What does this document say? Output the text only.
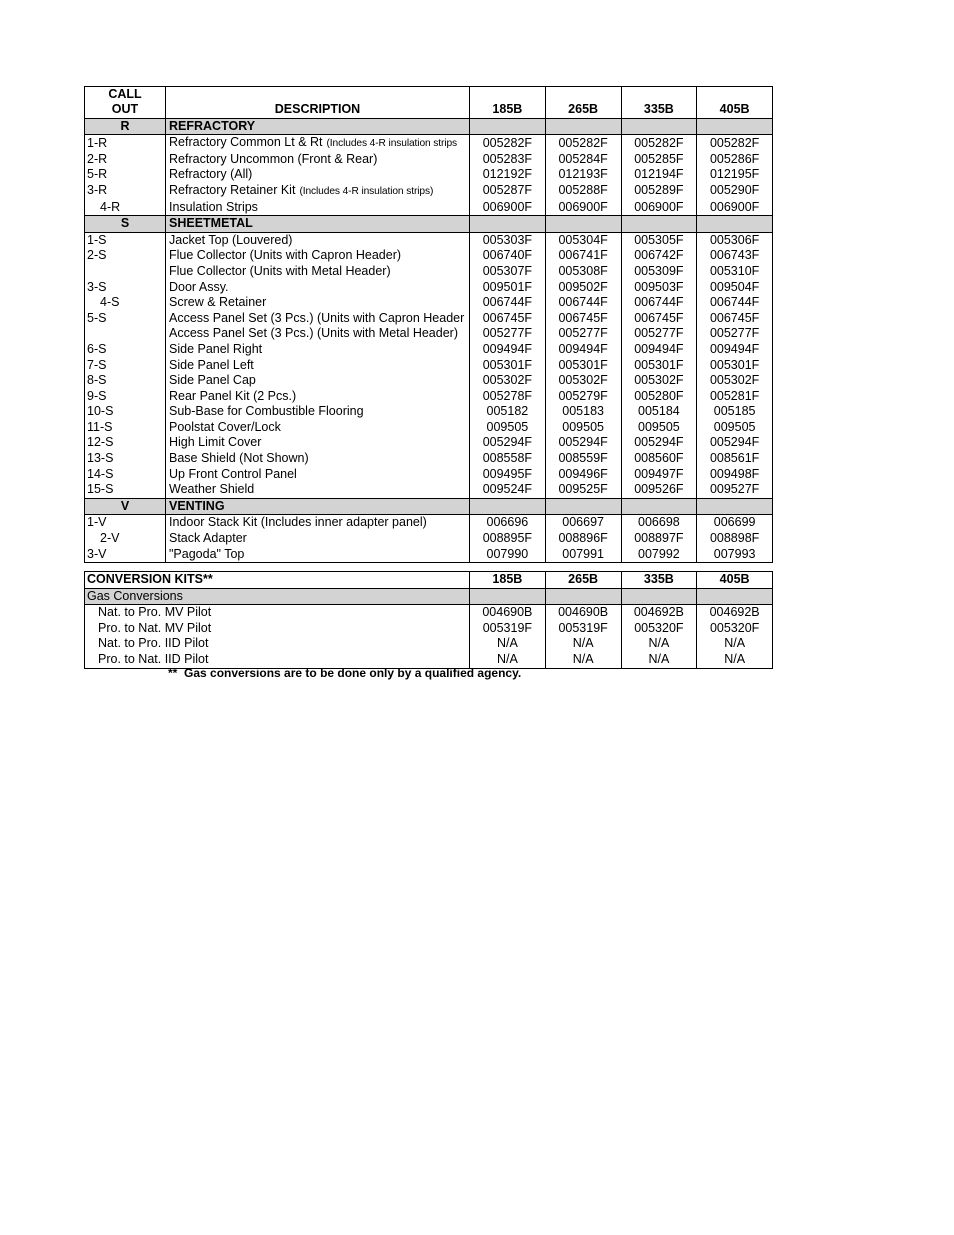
CALL					
OUT	DESCRIPTION	185B	265B	335B	405B
R	REFRACTORY				
1-R	Refractory Common Lt & Rt (Includes 4-R insulation strips	005282F	005282F	005282F	005282F
2-R	Refractory Uncommon (Front & Rear)	005283F	005284F	005285F	005286F
5-R	Refractory (All)	012192F	012193F	012194F	012195F
3-R	Refractory Retainer Kit (Includes 4-R insulation strips)	005287F	005288F	005289F	005290F
4-R	Insulation Strips	006900F	006900F	006900F	006900F
S	SHEETMETAL				
1-S	Jacket Top (Louvered)	005303F	005304F	005305F	005306F
2-S	Flue Collector (Units with Capron Header)	006740F	006741F	006742F	006743F
	Flue Collector (Units with Metal Header)	005307F	005308F	005309F	005310F
3-S	Door Assy.	009501F	009502F	009503F	009504F
4-S	Screw & Retainer	006744F	006744F	006744F	006744F
5-S	Access Panel Set (3 Pcs.) (Units with Capron Header	006745F	006745F	006745F	006745F
	Access Panel Set (3 Pcs.) (Units with Metal Header)	005277F	005277F	005277F	005277F
6-S	Side Panel Right	009494F	009494F	009494F	009494F
7-S	Side Panel Left	005301F	005301F	005301F	005301F
8-S	Side Panel Cap	005302F	005302F	005302F	005302F
9-S	Rear Panel Kit (2 Pcs.)	005278F	005279F	005280F	005281F
10-S	Sub-Base for Combustible Flooring	005182	005183	005184	005185
11-S	Poolstat Cover/Lock	009505	009505	009505	009505
12-S	High Limit Cover	005294F	005294F	005294F	005294F
13-S	Base Shield (Not Shown)	008558F	008559F	008560F	008561F
14-S	Up Front Control Panel	009495F	009496F	009497F	009498F
15-S	Weather Shield	009524F	009525F	009526F	009527F
V	VENTING				
1-V	Indoor Stack Kit (Includes inner adapter panel)	006696	006697	006698	006699
2-V	Stack Adapter	008895F	008896F	008897F	008898F
3-V	"Pagoda" Top	007990	007991	007992	007993
CONVERSION KITS**	185B	265B	335B	405B
Gas Conversions				
Nat. to Pro. MV Pilot	004690B	004690B	004692B	004692B
Pro. to Nat. MV Pilot	005319F	005319F	005320F	005320F
Nat. to Pro. IID Pilot	N/A	N/A	N/A	N/A
Pro. to Nat. IID Pilot	N/A	N/A	N/A	N/A
**  Gas conversions are to be done only by a qualified agency.
